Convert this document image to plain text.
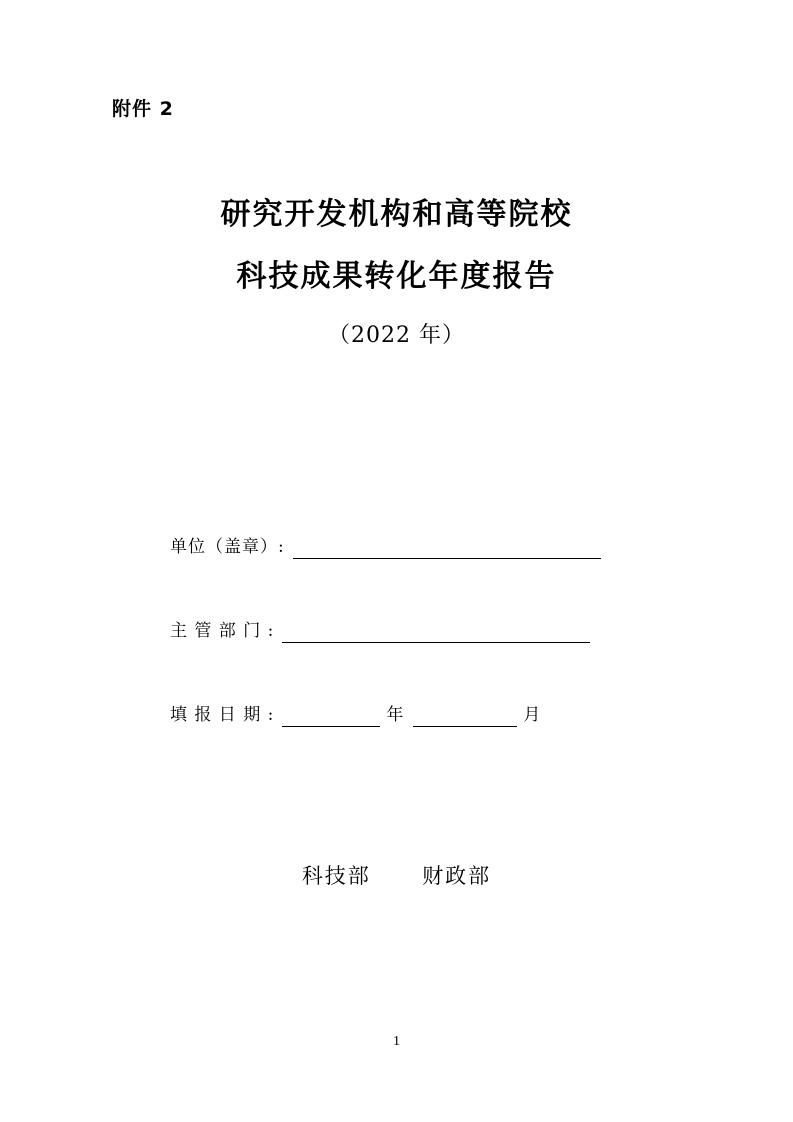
附件 2
研究开发机构和高等院校
科技成果转化年度报告
（2022 年）
单位（盖章）:
主 管 部 门 :
填 报 日 期 :	年	月
科技部 财政部
1
